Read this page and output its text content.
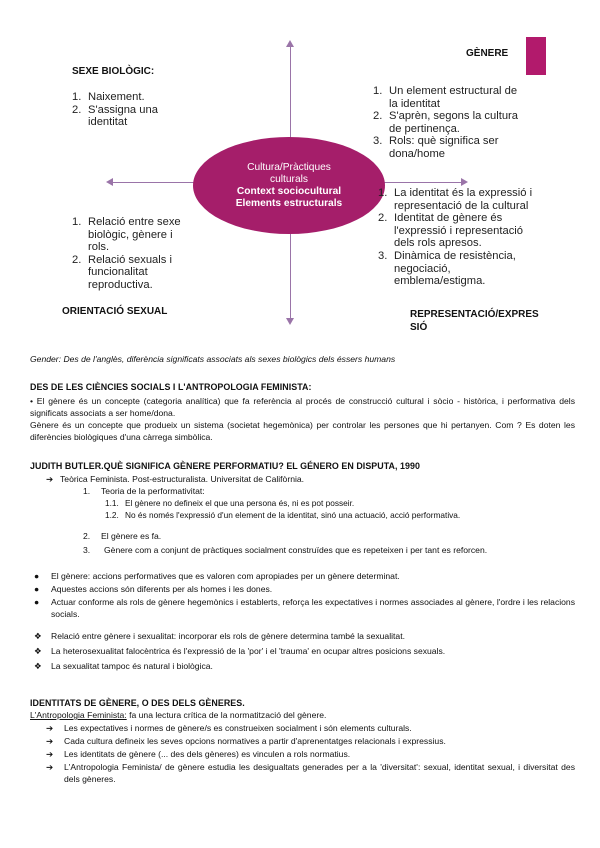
Cultura/Pràctiques
culturals
Context sociocultural
Elements estructurals
SEXE BIOLÒGIC:
1. Naixement.
2. S'assigna una identitat
GÈNERE
1. Un element estructural de la identitat
2. S'aprèn, segons la cultura de pertinença.
3. Rols: què significa ser dona/home
1. Relació entre sexe biològic, gènere i rols.
2. Relació sexuals i funcionalitat reproductiva.
ORIENTACIÓ SEXUAL
1. La identitat és la expressió i representació de la cultural
2. Identitat de gènere és l'expressió i representació dels rols apresos.
3. Dinàmica de resistència, negociació, emblema/estigma.
REPRESENTACIÓ/EXPRES
SIÓ
Gender: Des de l'anglès, diferència significats associats als sexes biològics dels éssers humans
DES DE LES CIÈNCIES SOCIALS I L'ANTROPOLOGIA FEMINISTA:
• El gènere és un concepte (categoria analítica) que fa referència al procés de construcció cultural i sòcio - històrica, i performativa dels significats associats a ser home/dona.
Gènere és un concepte que produeix un sistema (societat hegemònica) per controlar les persones que hi pertanyen. Com ? Es doten les diferències biològiques d'una càrrega simbòlica.
JUDITH BUTLER.QUÈ SIGNIFICA GÈNERE PERFORMATIU? EL GÉNERO EN DISPUTA, 1990
➔ Teòrica Feminista. Post-estructuralista. Universitat de Califòrnia.
1.	Teoria de la performativitat:
1.1. El gènere no defineix el que una persona és, ni es pot posseir.
1.2. No és només l'expressió d'un element de la identitat, sinó una actuació, acció performativa.
2.	El gènere es fa.
3.	Gènere com a conjunt de pràctiques socialment construïdes que es repeteixen i per tant es reforcen.
●	El gènere: accions performatives que es valoren com apropiades per un gènere determinat.
●	Aquestes accions són diferents per als homes i les dones.
●	Actuar conforme als rols de gènere hegemònics i establerts, reforça les expectatives i normes associades al gènere, l'ordre i les relacions socials.
❖	Relació entre gènere i sexualitat: incorporar els rols de gènere determina també la sexualitat.
❖	La heterosexualitat falocèntrica és l'expressió de la 'por' i el 'trauma' en ocupar altres posicions sexuals.
❖	La sexualitat tampoc és natural i biològica.
IDENTITATS DE GÈNERE, O DES DELS GÈNERES.
L'Antropologia Feminista: fa una lectura crítica de la normatització del gènere.
➔	Les expectatives i normes de gènere/s es construeixen socialment i són elements culturals.
➔	Cada cultura defineix les seves opcions normatives a partir d'aprenentatges relacionals i expressius.
➔	Les identitats de gènere (... des dels gèneres) es vinculen a rols normatius.
➔	L'Antropologia Feminista/ de gènere estudia les desigualtats generades per a la 'diversitat': sexual, identitat sexual, i diversitat des dels gèneres.
